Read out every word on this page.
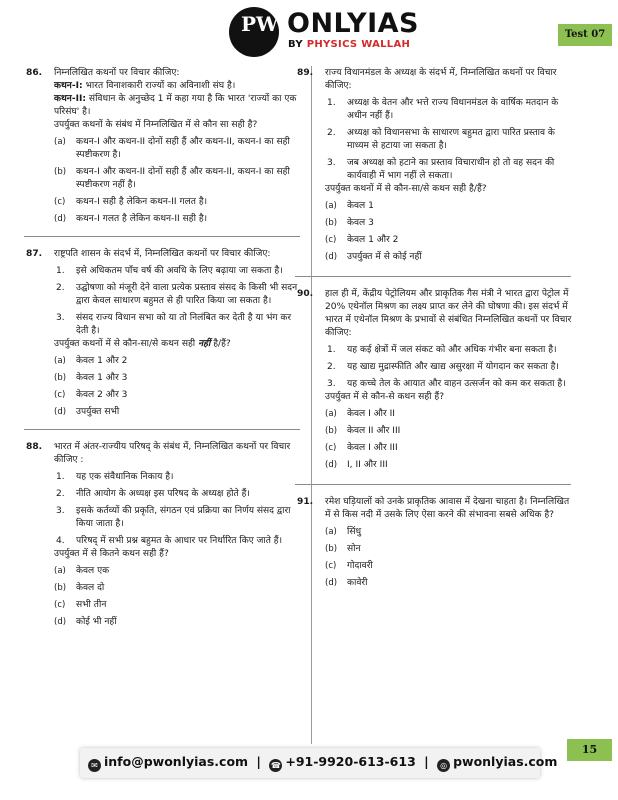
PW ONLYIAS
BY PHYSICS WALLAH
Test 07
86. निम्नलिखित कथनों पर विचार कीजिए:
कथन-I: भारत विनाशकारी राज्यों का अविनाशी संघ है।
कथन-II: संविधान के अनुच्छेद 1 में कहा गया है कि भारत 'राज्यों का एक परिसंघ' है।
उपर्युक्त कथनों के संबंध में निम्नलिखित में से कौन सा सही है?
(a) कथन-I और कथन-II दोनों सही हैं और कथन-II, कथन-I का सही स्पष्टीकरण है।
(b) कथन-I और कथन-II दोनों सही हैं और कथन-II, कथन-I का सही स्पष्टीकरण नहीं है।
(c) कथन-I सही है लेकिन कथन-II गलत है।
(d) कथन-I गलत है लेकिन कथन-II सही है।
87. राष्ट्रपति शासन के संदर्भ में, निम्नलिखित कथनों पर विचार कीजिए:
1. इसे अधिकतम पाँच वर्ष की अवधि के लिए बढ़ाया जा सकता है।
2. उद्घोषणा को मंजूरी देने वाला प्रत्येक प्रस्ताव संसद के किसी भी सदन द्वारा केवल साधारण बहुमत से ही पारित किया जा सकता है।
3. संसद राज्य विधान सभा को या तो निलंबित कर देती है या भंग कर देती है।
उपर्युक्त कथनों में से कौन-सा/से कथन सही नहीं है/हैं?
(a) केवल 1 और 2
(b) केवल 1 और 3
(c) केवल 2 और 3
(d) उपर्युक्त सभी
88. भारत में अंतर-राज्यीय परिषद् के संबंध में, निम्नलिखित कथनों पर विचार कीजिए :
1. यह एक संवैधानिक निकाय है।
2. नीति आयोग के अध्यक्ष इस परिषद के अध्यक्ष होते हैं।
3. इसके कर्तव्यों की प्रकृति, संगठन एवं प्रक्रिया का निर्णय संसद द्वारा किया जाता है।
4. परिषद् में सभी प्रश्न बहुमत के आधार पर निर्धारित किए जाते हैं।
उपर्युक्त में से कितने कथन सही हैं?
(a) केवल एक
(b) केवल दो
(c) सभी तीन
(d) कोई भी नहीं
89. राज्य विधानमंडल के अध्यक्ष के संदर्भ में, निम्नलिखित कथनों पर विचार कीजिए:
1. अध्यक्ष के वेतन और भत्ते राज्य विधानमंडल के वार्षिक मतदान के अधीन नहीं हैं।
2. अध्यक्ष को विधानसभा के साधारण बहुमत द्वारा पारित प्रस्ताव के माध्यम से हटाया जा सकता है।
3. जब अध्यक्ष को हटाने का प्रस्ताव विचाराधीन हो तो वह सदन की कार्यवाही में भाग नहीं ले सकता।
उपर्युक्त कथनों में से कौन-सा/से कथन सही है/हैं?
(a) केवल 1
(b) केवल 3
(c) केवल 1 और 2
(d) उपर्युक्त में से कोई नहीं
90. हाल ही में, केंद्रीय पेट्रोलियम और प्राकृतिक गैस मंत्री ने भारत द्वारा पेट्रोल में 20% एथेनॉल मिश्रण का लक्ष्य प्राप्त कर लेने की घोषणा की। इस संदर्भ में भारत में एथेनॉल मिश्रण के प्रभावों से संबंधित निम्नलिखित कथनों पर विचार कीजिए:
1. यह कई क्षेत्रों में जल संकट को और अधिक गंभीर बना सकता है।
2. यह खाद्य मुद्रास्फीति और खाद्य असुरक्षा में योगदान कर सकता है।
3. यह कच्चे तेल के आयात और वाहन उत्सर्जन को कम कर सकता है।
उपर्युक्त में से कौन-से कथन सही हैं?
(a) केवल I और II
(b) केवल II और III
(c) केवल I और III
(d) I, II और III
91. रमेश घड़ियालों को उनके प्राकृतिक आवास में देखना चाहता है। निम्नलिखित में से किस नदी में उसके लिए ऐसा करने की संभावना सबसे अधिक है?
(a) सिंधु
(b) सोन
(c) गोदावरी
(d) कावेरी
✉ info@pwonlyias.com | ☎ +91-9920-613-613 | ◎ pwonlyias.com
15
